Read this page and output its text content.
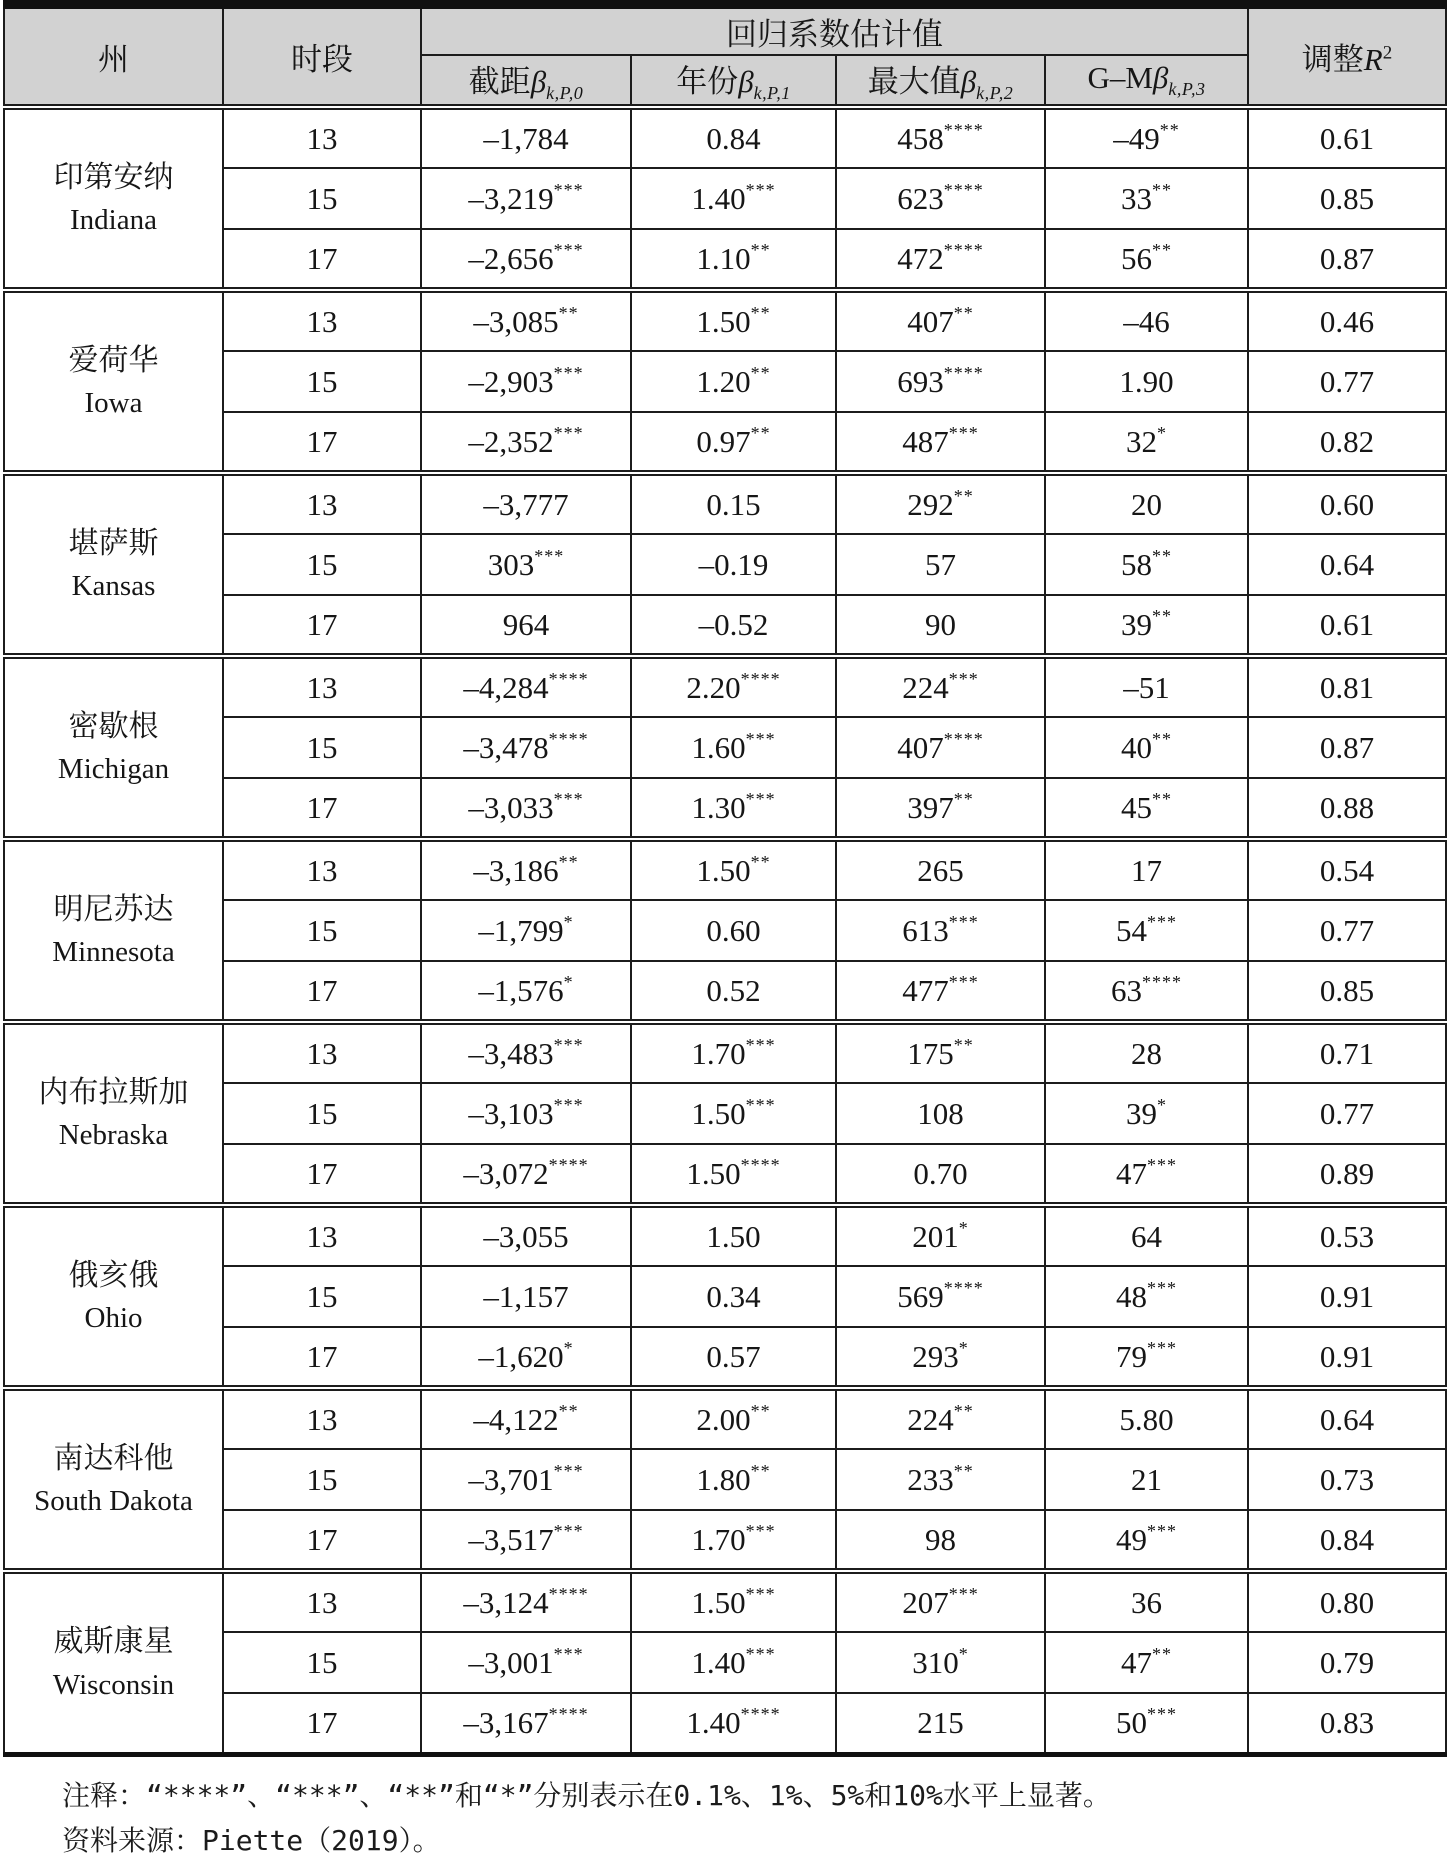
州	时段	回归系数估计值				调整$R^2$
		截距$\beta_{k,P,0}$	年份$\beta_{k,P,1}$	最大值$\beta_{k,P,2}$	$G-M\beta_{k,P,3}$

印第安纳
Indiana	13	–1,784	0.84	458****	–49**	0.61
	15	–3,219***	1.40***	623****	33**	0.85
	17	–2,656***	1.10**	472****	56**	0.87

爱荷华
Iowa	13	–3,085**	1.50**	407**	–46	0.46
	15	–2,903***	1.20**	693****	1.90	0.77
	17	–2,352***	0.97**	487***	32*	0.82

堪萨斯
Kansas	13	–3,777	0.15	292**	20	0.60
	15	303***	–0.19	57	58**	0.64
	17	964	–0.52	90	39**	0.61

密歇根
Michigan	13	–4,284****	2.20****	224***	–51	0.81
	15	–3,478****	1.60***	407****	40**	0.87
	17	–3,033***	1.30***	397**	45**	0.88

明尼苏达
Minnesota	13	–3,186**	1.50**	265	17	0.54
	15	–1,799*	0.60	613***	54***	0.77
	17	–1,576*	0.52	477***	63****	0.85

内布拉斯加
Nebraska	13	–3,483***	1.70***	175**	28	0.71
	15	–3,103***	1.50***	108	39*	0.77
	17	–3,072****	1.50****	0.70	47***	0.89

俄亥俄
Ohio	13	–3,055	1.50	201*	64	0.53
	15	–1,157	0.34	569****	48***	0.91
	17	–1,620*	0.57	293*	79***	0.91

南达科他
South Dakota	13	–4,122**	2.00**	224**	5.80	0.64
	15	–3,701***	1.80**	233**	21	0.73
	17	–3,517***	1.70***	98	49***	0.84

威斯康星
Wisconsin	13	–3,124****	1.50***	207***	36	0.80
	15	–3,001***	1.40***	310*	47**	0.79
	17	–3,167****	1.40****	215	50***	0.83
注释：“****”、“***”、“**”和“*”分别表示在0.1%、1%、5%和10%水平上显著。
资料来源：Piette（2019）。
